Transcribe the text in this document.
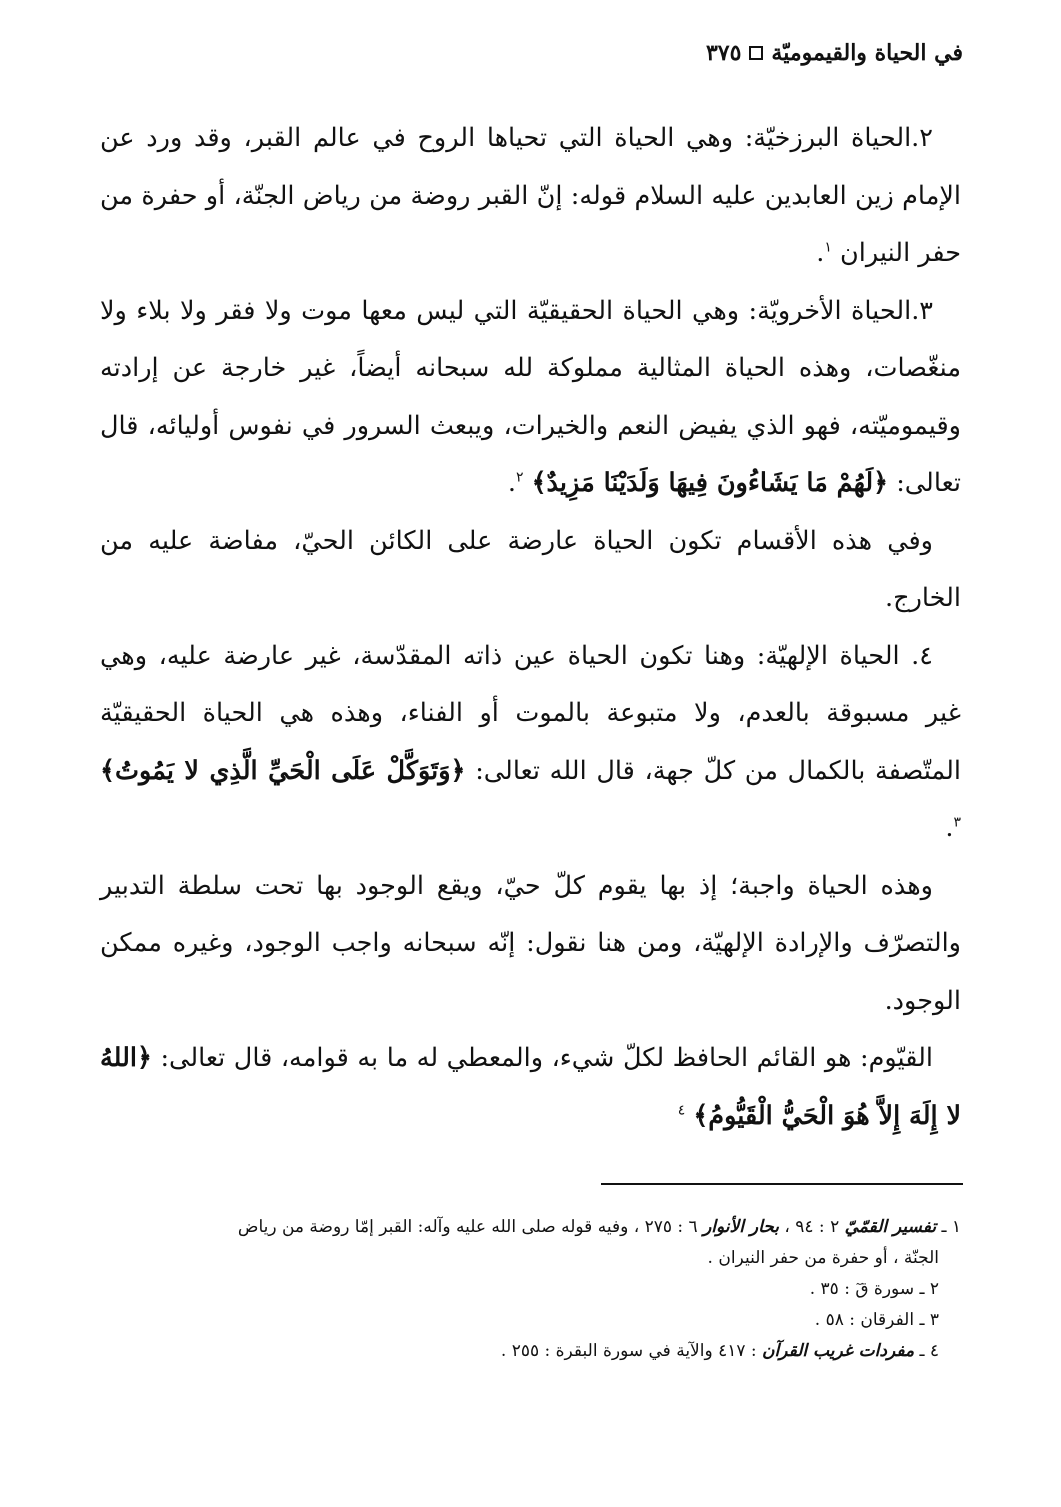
في الحياة والقيموميّة
٣٧٥

٢.الحياة البرزخيّة: وهي الحياة التي تحياها الروح في عالم القبر، وقد ورد عن الإمام زين العابدين عليه السلام قوله: إنّ القبر روضة من رياض الجنّة، أو حفرة من حفر النيران $^١$.

٣.الحياة الأخرويّة: وهي الحياة الحقيقيّة التي ليس معها موت ولا فقر ولا بلاء ولا منغّصات، وهذه الحياة المثالية مملوكة لله سبحانه أيضاً، غير خارجة عن إرادته وقيموميّته، فهو الذي يفيض النعم والخيرات، ويبعث السرور في نفوس أوليائه، قال تعالى: ﴿لَهُمْ مَا يَشَاءُونَ فِيهَا وَلَدَيْنَا مَزِيدٌ﴾ $^٢$.

وفي هذه الأقسام تكون الحياة عارضة على الكائن الحيّ، مفاضة عليه من الخارج.

٤. الحياة الإلهيّة: وهنا تكون الحياة عين ذاته المقدّسة، غير عارضة عليه، وهي غير مسبوقة بالعدم، ولا متبوعة بالموت أو الفناء، وهذه هي الحياة الحقيقيّة المتّصفة بالكمال من كلّ جهة، قال الله تعالى: ﴿وَتَوَكَّلْ عَلَى الْحَيِّ الَّذِي لا يَمُوتُ﴾ $^٣$.

وهذه الحياة واجبة؛ إذ بها يقوم كلّ حيّ، ويقع الوجود بها تحت سلطة التدبير والتصرّف والإرادة الإلهيّة، ومن هنا نقول: إنّه سبحانه واجب الوجود، وغيره ممكن الوجود.

القيّوم: هو القائم الحافظ لكلّ شيء، والمعطي له ما به قوامه، قال تعالى: ﴿اللهُ لا إِلَهَ إِلاَّ هُوَ الْحَيُّ الْقَيُّومُ﴾ $^٤$

١ ـ تفسير القمّيّ ٢ : ٩٤ ، بحار الأنوار ٦ : ٢٧٥ ، وفيه قوله صلى الله عليه وآله: القبر إمّا روضة من رياض

الجنّة ، أو حفرة من حفر النيران .

٢ ـ سورة قٓ : ٣٥ .

٣ ـ الفرقان : ٥٨ .

٤ ـ مفردات غريب القرآن : ٤١٧ والآية في سورة البقرة : ٢٥٥ .
